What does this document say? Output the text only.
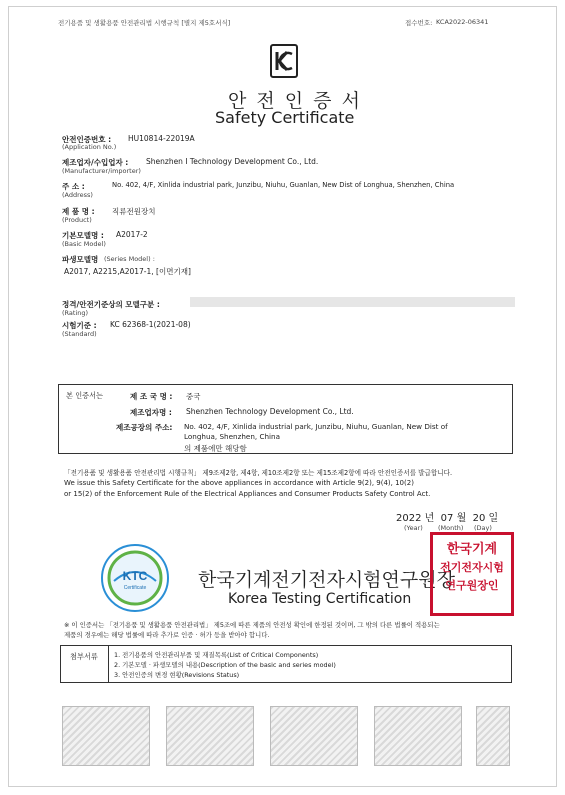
전기용품 및 생활용품 안전관리법 시행규칙 [별지 제5호서식]	접수번호: KCA2022-06341
안 전 인 증 서
Safety Certificate
안전인증번호 : HU10814-22019A
(Application No.)
제조업자/수입업자 : Shenzhen I Technology Development Co., Ltd.
(Manufacturer/importer)
주 소 :	No. 402, 4/F, Xinlida industrial park, Junzibu, Niuhu, Guanlan, New Dist of Longhua, Shenzhen, China
(Address)
제 품 명 : 직류전원장치
(Product)
기본모델명 : A2017-2
(Basic Model)
파생모델명 (Series Model) :
A2017, A2215,A2017-1, [이면기재]
정격/안전기준상의 모델구분 :
(Rating)
시험기준 : KC 62368-1(2021-08)
(Standard)
본 인증서는	제 조 국 명 : 중국
제조업자명 : Shenzhen Technology Development Co., Ltd.
제조공장의 주소: No. 402, 4/F, Xinlida industrial park, Junzibu, Niuhu, Guanlan, New Dist of
Longhua, Shenzhen, China
의 제품에만 해당함
「전기용품 및 생활용품 안전관리법 시행규칙」 제9조제2항, 제4항, 제10조제2항 또는 제15조제2항에 따라 안전인증서를 발급합니다.
We issue this Safety Certificate for the above appliances in accordance with Article 9(2), 9(4), 10(2)
or 15(2) of the Enforcement Rule of the Electrical Appliances and Consumer Products Safety Control Act.
2022 년 07 월 20 일
(Year) (Month) (Day)
KTC
Certificate	한국기계전기전자시험연구원장
Korea Testing Certification
한국기계
전기전자시험
연구원장인
※ 이 인증서는 「전기용품 및 생활용품 안전관리법」 제5조에 따른 제품의 안전성 확인에 한정된 것이며, 그 밖의 다른 법률이 적용되는
제품의 경우에는 해당 법률에 따라 추가로 인증 · 허가 등을 받아야 합니다.
첨부서류	1. 전기용품의 안전관리부품 및 재질목록(List of Critical Components)
2. 기본모델 · 파생모델의 내용(Description of the basic and series model)
3. 안전인증의 변경 현황(Revisions Status)
